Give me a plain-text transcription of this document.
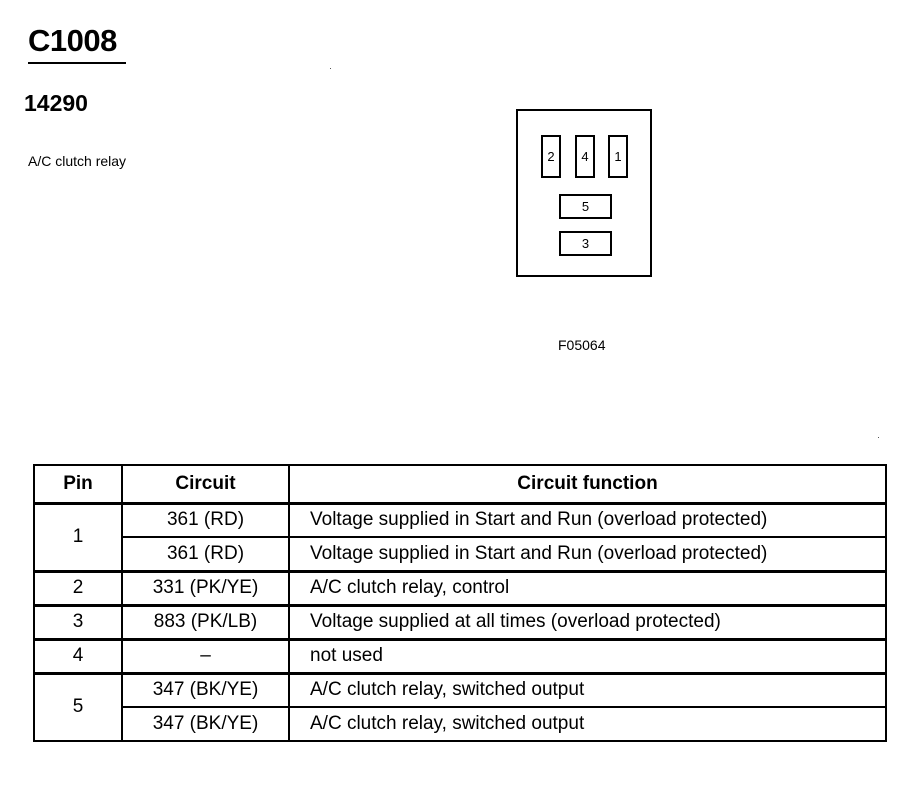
C1008
14290
A/C clutch relay	2	4	1
5
3
F05064
Pin	Circuit	Circuit function
1	361 (RD)	Voltage supplied in Start and Run (overload protected)
	361 (RD)	Voltage supplied in Start and Run (overload protected)
2	331 (PK/YE)	A/C clutch relay, control
3	883 (PK/LB)	Voltage supplied at all times (overload protected)
4	–	not used
5	347 (BK/YE)	A/C clutch relay, switched output
	347 (BK/YE)	A/C clutch relay, switched output
